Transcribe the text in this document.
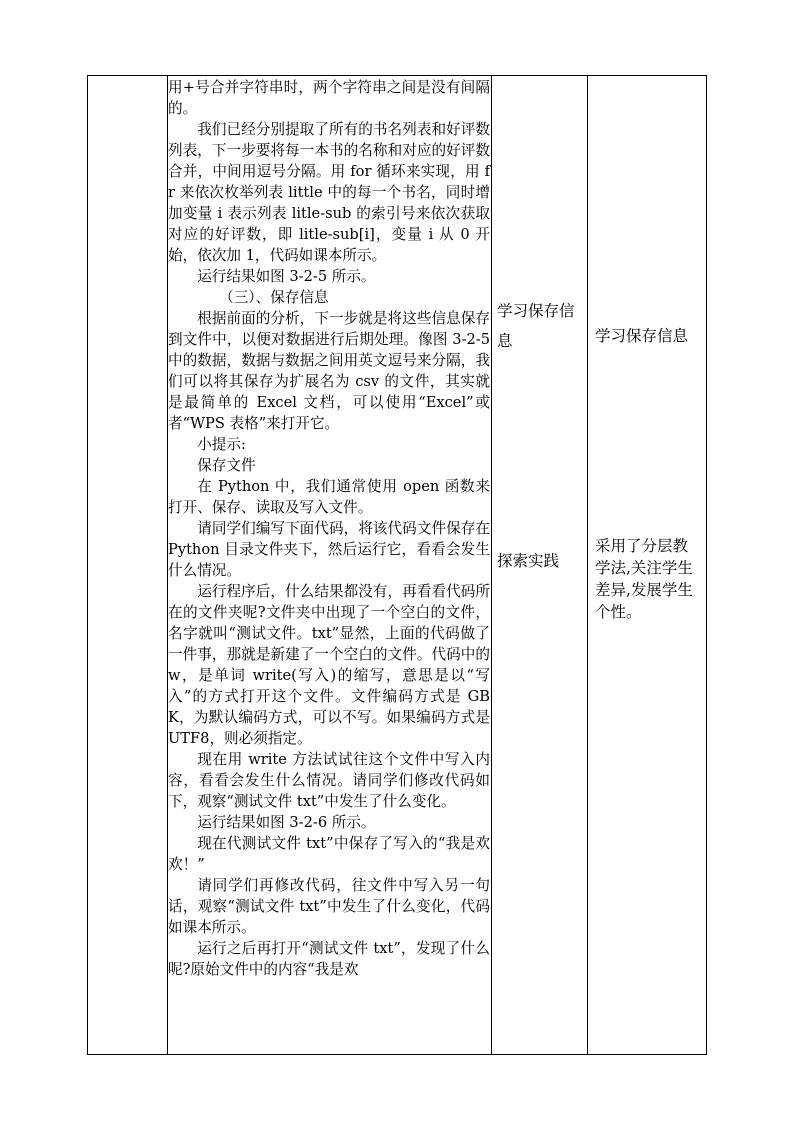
用+号合并字符串时，两个字符串之间是没有间隔的。

我们已经分别提取了所有的书名列表和好评数列表，下一步要将每一本书的名称和对应的好评数合并，中间用逗号分隔。用 for 循环来实现，用 fr 来依次枚举列表 little 中的每一个书名，同时增加变量 i 表示列表 litle-sub 的索引号来依次获取对应的好评数，即 litle-sub[i]，变量 i 从 0 开始，依次加 1，代码如课本所示。

运行结果如图 3-2-5 所示。

（三）、保存信息

根据前面的分析，下一步就是将这些信息保存到文件中，以便对数据进行后期处理。像图 3-2-5 中的数据，数据与数据之间用英文逗号来分隔，我们可以将其保存为扩展名为 csv 的文件，其实就是最简单的 Excel 文档，可以使用“Excel”或者“WPS 表格”来打开它。

小提示:

保存文件

在 Python 中，我们通常使用 open 函数来打开、保存、读取及写入文件。

请同学们编写下面代码，将该代码文件保存在 Python 目录文件夹下，然后运行它，看看会发生什么情况。

运行程序后，什么结果都没有，再看看代码所在的文件夹呢?文件夹中出现了一个空白的文件，名字就叫“测试文件。txt”显然，上面的代码做了一件事，那就是新建了一个空白的文件。代码中的 w，是单词 write(写入)的缩写，意思是以“写入”的方式打开这个文件。文件编码方式是 GBK，为默认编码方式，可以不写。如果编码方式是 UTF8，则必须指定。

现在用 write 方法试试往这个文件中写入内容，看看会发生什么情况。请同学们修改代码如下，观察“测试文件 txt”中发生了什么变化。

运行结果如图 3-2-6 所示。

现在代测试文件 txt”中保存了写入的“我是欢欢！”

请同学们再修改代码，往文件中写入另一句话，观察“测试文件 txt”中发生了什么变化，代码如课本所示。

运行之后再打开“测试文件 txt”，发现了什么呢?原始文件中的内容“我是欢

学习保存信息

探索实践

学习保存信息

采用了分层教学法,关注学生差异,发展学生个性。
